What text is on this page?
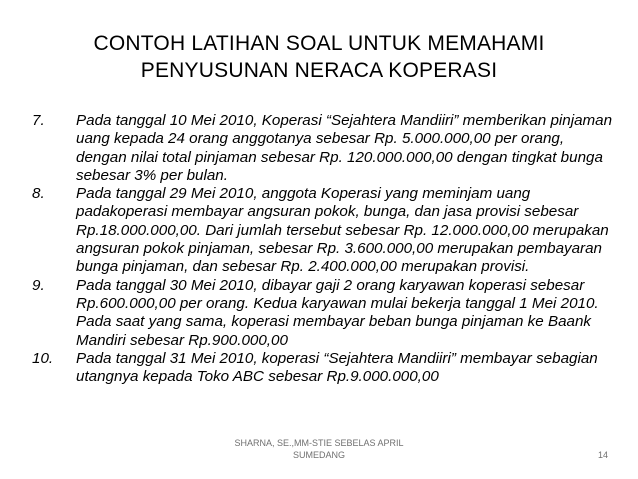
CONTOH LATIHAN SOAL UNTUK MEMAHAMI
PENYUSUNAN NERACA KOPERASI
7.	Pada tanggal 10 Mei 2010, Koperasi “Sejahtera Mandiiri” memberikan pinjaman uang kepada 24 orang anggotanya sebesar Rp. 5.000.000,00 per orang, dengan nilai total pinjaman sebesar Rp. 120.000.000,00 dengan tingkat bunga sebesar 3% per bulan.
8.	Pada tanggal 29 Mei 2010, anggota Koperasi yang meminjam uang padakoperasi membayar angsuran pokok, bunga, dan jasa provisi sebesar Rp.18.000.000,00. Dari jumlah tersebut sebesar Rp. 12.000.000,00 merupakan angsuran pokok pinjaman, sebesar Rp. 3.600.000,00 merupakan pembayaran bunga pinjaman, dan sebesar Rp. 2.400.000,00 merupakan provisi.
9.	Pada tanggal 30 Mei 2010, dibayar gaji 2 orang karyawan koperasi sebesar Rp.600.000,00 per orang. Kedua karyawan mulai bekerja tanggal 1 Mei 2010. Pada saat yang sama, koperasi membayar beban bunga pinjaman ke Baank Mandiri sebesar Rp.900.000,00
10.	Pada tanggal 31 Mei 2010, koperasi “Sejahtera Mandiiri” membayar sebagian utangnya kepada Toko ABC sebesar Rp.9.000.000,00
SHARNA, SE.,MM-STIE SEBELAS APRIL
SUMEDANG	14
